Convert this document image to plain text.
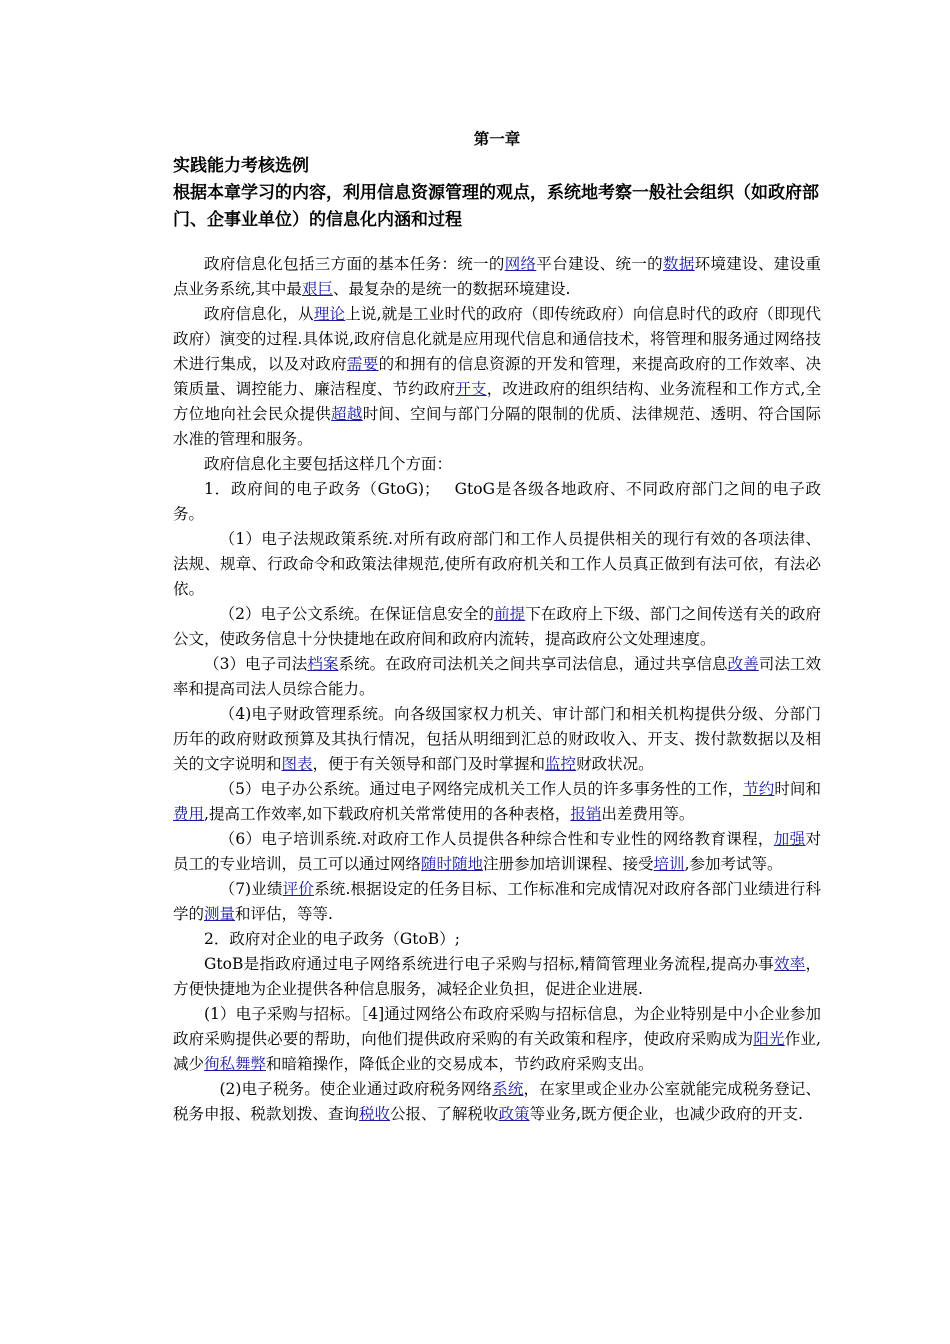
第一章
实践能力考核选例
根据本章学习的内容，利用信息资源管理的观点，系统地考察一般社会组织（如政府部门、企事业单位）的信息化内涵和过程

政府信息化包括三方面的基本任务：统一的网络平台建设、统一的数据环境建设、建设重点业务系统,其中最艰巨、最复杂的是统一的数据环境建设.

政府信息化，从理论上说,就是工业时代的政府（即传统政府）向信息时代的政府（即现代政府）演变的过程.具体说,政府信息化就是应用现代信息和通信技术，将管理和服务通过网络技术进行集成，以及对政府需要的和拥有的信息资源的开发和管理，来提高政府的工作效率、决策质量、调控能力、廉洁程度、节约政府开支，改进政府的组织结构、业务流程和工作方式,全方位地向社会民众提供超越时间、空间与部门分隔的限制的优质、法律规范、透明、符合国际水准的管理和服务。

政府信息化主要包括这样几个方面：

1．政府间的电子政务（GtoG)；　 GtoG是各级各地政府、不同政府部门之间的电子政务。

（1）电子法规政策系统.对所有政府部门和工作人员提供相关的现行有效的各项法律、法规、规章、行政命令和政策法律规范,使所有政府机关和工作人员真正做到有法可依，有法必依。

（2）电子公文系统。在保证信息安全的前提下在政府上下级、部门之间传送有关的政府公文，使政务信息十分快捷地在政府间和政府内流转，提高政府公文处理速度。

（3）电子司法档案系统。在政府司法机关之间共享司法信息，通过共享信息改善司法工效率和提高司法人员综合能力。

（4)电子财政管理系统。向各级国家权力机关、审计部门和相关机构提供分级、分部门历年的政府财政预算及其执行情况，包括从明细到汇总的财政收入、开支、拨付款数据以及相关的文字说明和图表，便于有关领导和部门及时掌握和监控财政状况。

（5）电子办公系统。通过电子网络完成机关工作人员的许多事务性的工作，节约时间和费用,提高工作效率,如下载政府机关常常使用的各种表格，报销出差费用等。

（6）电子培训系统.对政府工作人员提供各种综合性和专业性的网络教育课程，加强对员工的专业培训，员工可以通过网络随时随地注册参加培训课程、接受培训,参加考试等。

（7)业绩评价系统.根据设定的任务目标、工作标准和完成情况对政府各部门业绩进行科学的测量和评估，等等.

2．政府对企业的电子政务（GtoB）;

GtoB是指政府通过电子网络系统进行电子采购与招标,精简管理业务流程,提高办事效率，方便快捷地为企业提供各种信息服务，减轻企业负担，促进企业进展.

(1）电子采购与招标。［4]通过网络公布政府采购与招标信息，为企业特别是中小企业参加政府采购提供必要的帮助，向他们提供政府采购的有关政策和程序，使政府采购成为阳光作业,减少徇私舞弊和暗箱操作，降低企业的交易成本，节约政府采购支出。

(2)电子税务。使企业通过政府税务网络系统，在家里或企业办公室就能完成税务登记、税务申报、税款划拨、查询税收公报、了解税收政策等业务,既方便企业，也减少政府的开支.
